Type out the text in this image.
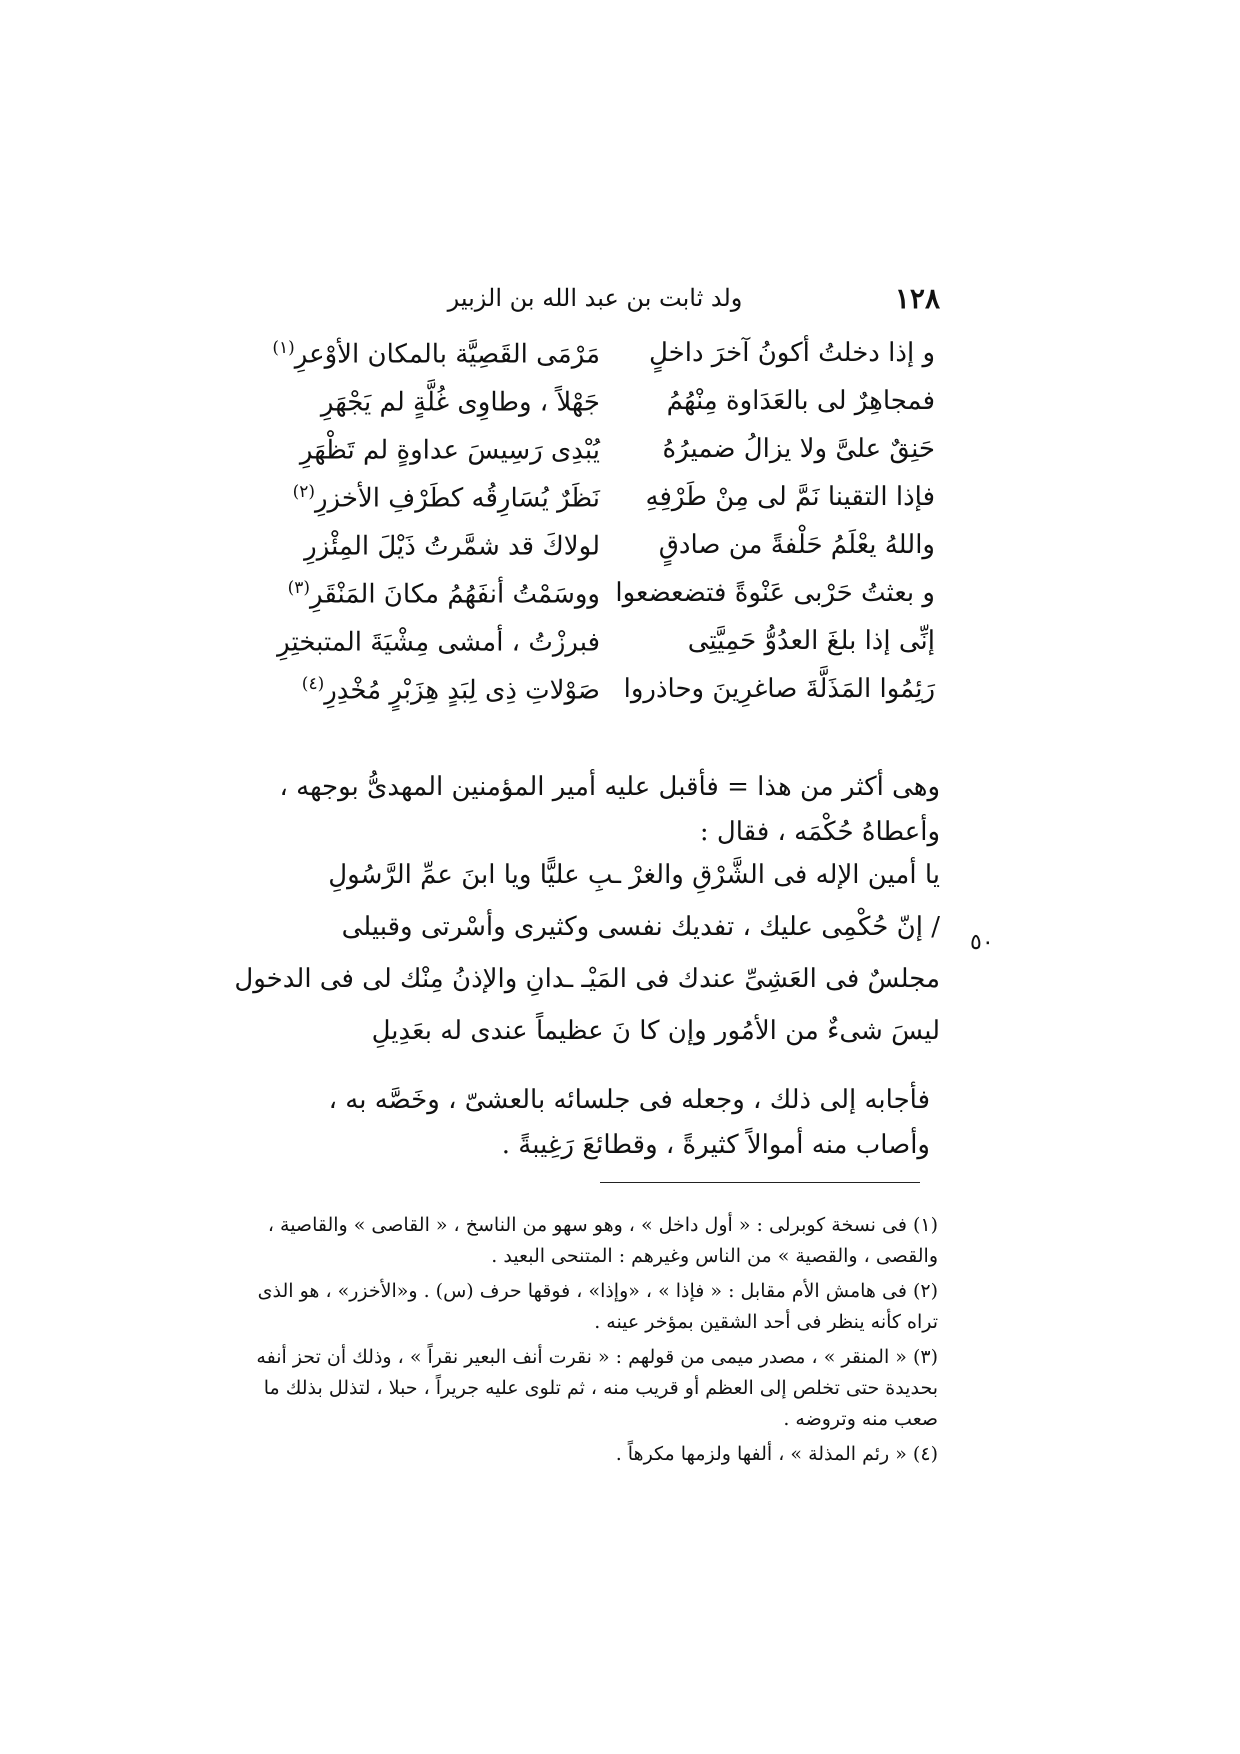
١٢٨
ولد ثابت بن عبد الله بن الزبير
و إذا دخلتُ أكونُ آخرَ داخلٍ
مَرْمَى القَصِيَّة بالمكان الأوْعرِ$^{(١)}$
فمجاهِرٌ لى بالعَدَاوة مِنْهُمُ
جَهْلاً ، وطاوِى غُلَّةٍ لم يَجْهَرِ
حَنِقٌ علىَّ ولا يزالُ ضميرُهُ
يُبْدِى رَسِيسَ عداوةٍ لم تَظْهَرِ
فإذا التقينا نَمَّ لى مِنْ طَرْفِهِ
نَظَرٌ يُسَارِقُه كطَرْفِ الأخزرِ$^{(٢)}$
واللهُ يعْلَمُ حَلْفةً من صادقٍ
لولاكَ قد شمَّرتُ ذَيْلَ المِئْزرِ
و بعثتُ حَرْبى عَنْوةً فتضعضعوا
ووسَمْتُ أنفَهُمُ مكانَ المَنْقَرِ$^{(٣)}$
إنِّى إذا بلغَ العدُوُّ حَمِيَّتِى
فبرزْتُ ، أمشى مِشْيَةَ المتبختِرِ
رَئِمُوا المَذَلَّةَ صاغرِينَ وحاذروا
صَوْلاتِ ذِى لِبَدٍ هِزَبْرٍ مُخْدِرِ$^{(٤)}$
وهى أكثر من هذا = فأقبل عليه أمير المؤمنين المهدىُّ بوجهه ، وأعطاهُ حُكْمَه ، فقال :
يا أمين الإله فى الشَّرْقِ والغرْ ـبِ عليًّا ويا ابنَ عمِّ الرَّسُولِ
/ إنّ حُكْمِى عليك ، تفديك نفسى وكثيرى وأسْرتى وقبيلى
مجلسٌ فى العَشِىِّ عندك فى المَيْـ ـدانِ والإذنُ مِنْك لى فى الدخول
ليسَ شىءٌ من الأمُور وإن كا نَ عظيماً عندى له بعَدِيلِ
٥٠
فأجابه إلى ذلك ، وجعله فى جلسائه بالعشىّ ، وخَصَّه به ، وأصاب منه أموالاً كثيرةً ، وقطائعَ رَغِيبةً .

(١) فى نسخة كوبرلى : « أول داخل » ، وهو سهو من الناسخ ، « القاصى » والقاصية ، والقصى ، والقصية » من الناس وغيرهم : المتنحى البعيد .

(٢) فى هامش الأم مقابل : « فإذا » ، «وإذا» ، فوقها حرف (س) . و«الأخزر» ، هو الذى تراه كأنه ينظر فى أحد الشقين بمؤخر عينه .

(٣) « المنقر » ، مصدر ميمى من قولهم : « نقرت أنف البعير نقراً » ، وذلك أن تحز أنفه بحديدة حتى تخلص إلى العظم أو قريب منه ، ثم تلوى عليه جريراً ، حبلا ، لتذلل بذلك ما صعب منه وتروضه .

(٤) « رئم المذلة » ، ألفها ولزمها مكرهاً .
